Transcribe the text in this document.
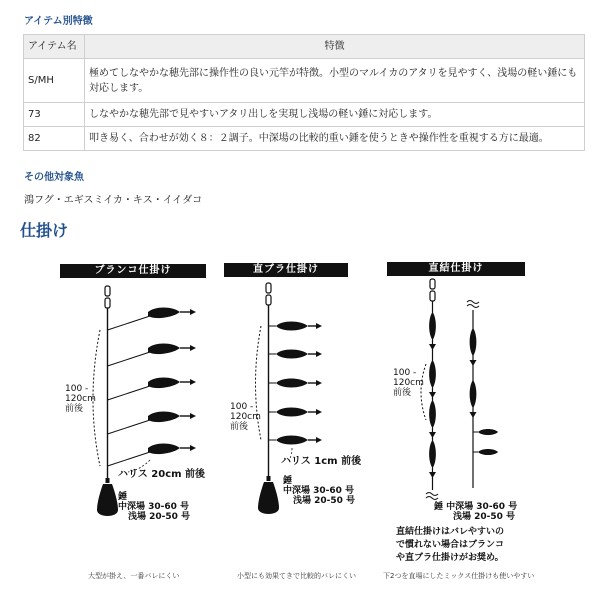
アイテム別特徴
アイテム名	特徴
S/MH	極めてしなやかな穂先部に操作性の良い元竿が特徴。小型のマルイカのアタリを見やすく、浅場の軽い錘にも対応します。
73	しなやかな穂先部で見やすいアタリ出しを実現し浅場の軽い錘に対応します。
82	叩き易く、合わせが効く８：２調子。中深場の比較的重い錘を使うときや操作性を重視する方に最適。
その他対象魚
鴻フグ・エギスミイカ・キス・イイダコ
仕掛け
ブランコ仕掛け	直ブラ仕掛け	直結仕掛け
100 -
120cm
前後
ハリス 20cm 前後
錘
中深場 30-60 号
浅場 20-50 号
大型が掛え、一番バレにくい
100 -
120cm
前後
ハリス 1cm 前後
錘
中深場 30-60 号
浅場 20-50 号
小型にも効果てきで比較的バレにくい
100 -
120cm
前後
錘 中深場 30-60 号
浅場 20-50 号
直結仕掛けはバレやすいの
で慣れない場合はブランコ
や直ブラ仕掛けがお奨め。
下2つを直場にしたミックス仕掛けも使いやすい
